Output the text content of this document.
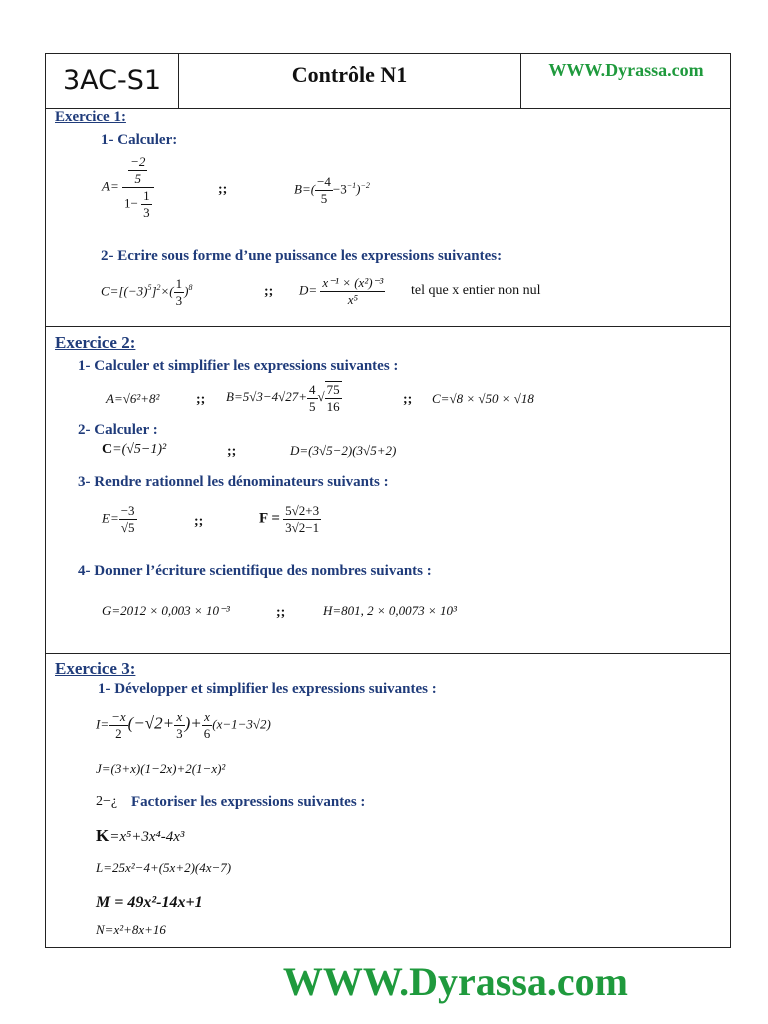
3AC-S1	Contrôle N1	WWW.Dyrassa.com
Exercice 1:
1- Calculer:
$A= \frac{\frac{-2}{5}}{1- \frac{1}{3}}$	;;	$B=( \frac{-4}{5} -3^{-1})^{-2}$
2- Ecrire sous forme d’une puissance les expressions suivantes:
$C=[(-3)^5]^2\times( \frac{1}{3} )^8$	;; $D= \frac{\text{x⁻¹ × (x²)⁻³}}{\text{x⁵}}$ tel que x entier non nul
Exercice 2:
1- Calculer et simplifier les expressions suivantes :
A=√6²+8²	;; $B=5√3-4√27+ \frac{4}{5}$ √ $\frac{75}{16}$	;; C=√8 × √50 × √18
2- Calculer :
C=(√5−1)²	;;	D=(3√5−2)(3√5+2)
3- Rendre rationnel les dénominateurs suivants :
$E= \frac{-3}{√5}$	;;	$F = \frac{5√2+3}{3√2-1}$
4- Donner l’écriture scientifique des nombres suivants :
G=2012 × 0,003 × 10⁻³	;;	H=801, 2 × 0,0073 × 10³
Exercice 3:
1- Développer et simplifier les expressions suivantes :
$I= \frac{-x}{2} (-√2+ \frac{x}{3}$ )+ $\frac{x}{6} (x-1-3√2)$
J=(3+x)(1−2x)+2(1−x)²
2−¿ Factoriser les expressions suivantes :
K=x⁵+3x⁴-4x³
L=25x²−4+(5x+2)(4x−7)
M = 49x²-14x+1
N=x²+8x+16
WWW.Dyrassa.com
